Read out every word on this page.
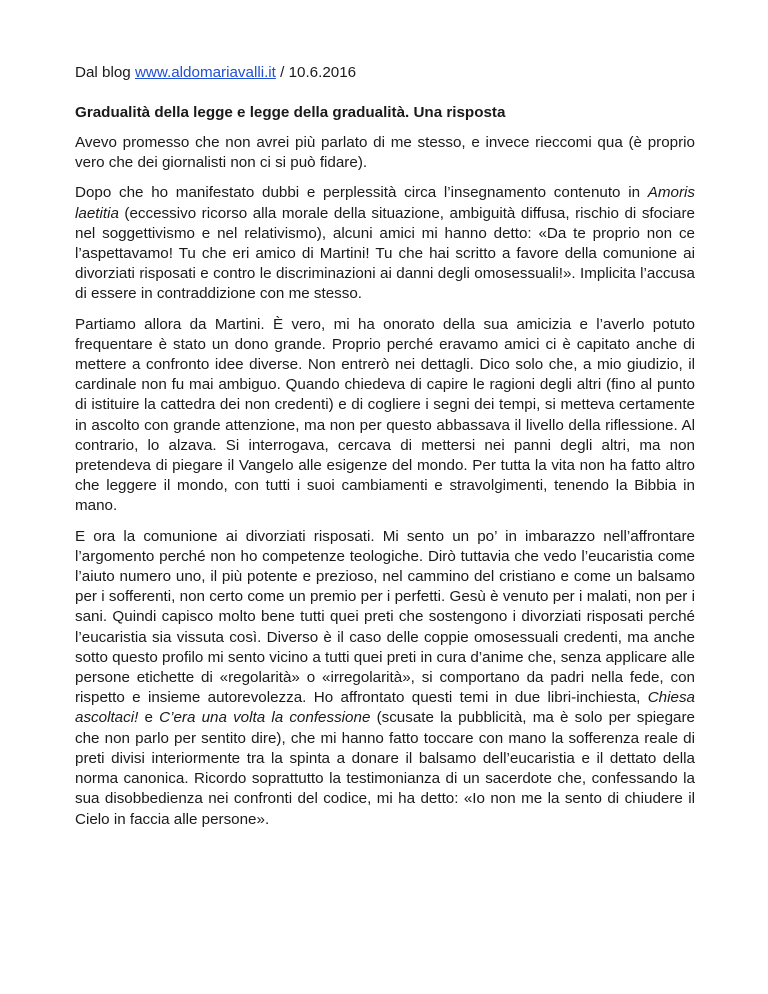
Dal blog www.aldomariavalli.it / 10.6.2016
Gradualità della legge e legge della gradualità. Una risposta

Avevo promesso che non avrei più parlato di me stesso, e invece rieccomi qua (è proprio vero che dei giornalisti non ci si può fidare).

Dopo che ho manifestato dubbi e perplessità circa l’insegnamento contenuto in Amoris laetitia (eccessivo ricorso alla morale della situazione, ambiguità diffusa, rischio di sfociare nel soggettivismo e nel relativismo), alcuni amici mi hanno detto: «Da te proprio non ce l’aspettavamo! Tu che eri amico di Martini! Tu che hai scritto a favore della comunione ai divorziati risposati e contro le discriminazioni ai danni degli omosessuali!». Implicita l’accusa di essere in contraddizione con me stesso.

Partiamo allora da Martini. È vero, mi ha onorato della sua amicizia e l’averlo potuto frequentare è stato un dono grande. Proprio perché eravamo amici ci è capitato anche di mettere a confronto idee diverse. Non entrerò nei dettagli. Dico solo che, a mio giudizio, il cardinale non fu mai ambiguo. Quando chiedeva di capire le ragioni degli altri (fino al punto di istituire la cattedra dei non credenti) e di cogliere i segni dei tempi, si metteva certamente in ascolto con grande attenzione, ma non per questo abbassava il livello della riflessione. Al contrario, lo alzava. Si interrogava, cercava di mettersi nei panni degli altri, ma non pretendeva di piegare il Vangelo alle esigenze del mondo. Per tutta la vita non ha fatto altro che leggere il mondo, con tutti i suoi cambiamenti e stravolgimenti, tenendo la Bibbia in mano.

E ora la comunione ai divorziati risposati. Mi sento un po’ in imbarazzo nell’affrontare l’argomento perché non ho competenze teologiche. Dirò tuttavia che vedo l’eucaristia come l’aiuto numero uno, il più potente e prezioso, nel cammino del cristiano e come un balsamo per i sofferenti, non certo come un premio per i perfetti. Gesù è venuto per i malati, non per i sani. Quindi capisco molto bene tutti quei preti che sostengono i divorziati risposati perché l’eucaristia sia vissuta così. Diverso è il caso delle coppie omosessuali credenti, ma anche sotto questo profilo mi sento vicino a tutti quei preti in cura d’anime che, senza applicare alle persone etichette di «regolarità» o «irregolarità», si comportano da padri nella fede, con rispetto e insieme autorevolezza. Ho affrontato questi temi in due libri-inchiesta, Chiesa ascoltaci! e C’era una volta la confessione (scusate la pubblicità, ma è solo per spiegare che non parlo per sentito dire), che mi hanno fatto toccare con mano la sofferenza reale di preti divisi interiormente tra la spinta a donare il balsamo dell’eucaristia e il dettato della norma canonica. Ricordo soprattutto la testimonianza di un sacerdote che, confessando la sua disobbedienza nei confronti del codice, mi ha detto: «Io non me la sento di chiudere il Cielo in faccia alle persone».
